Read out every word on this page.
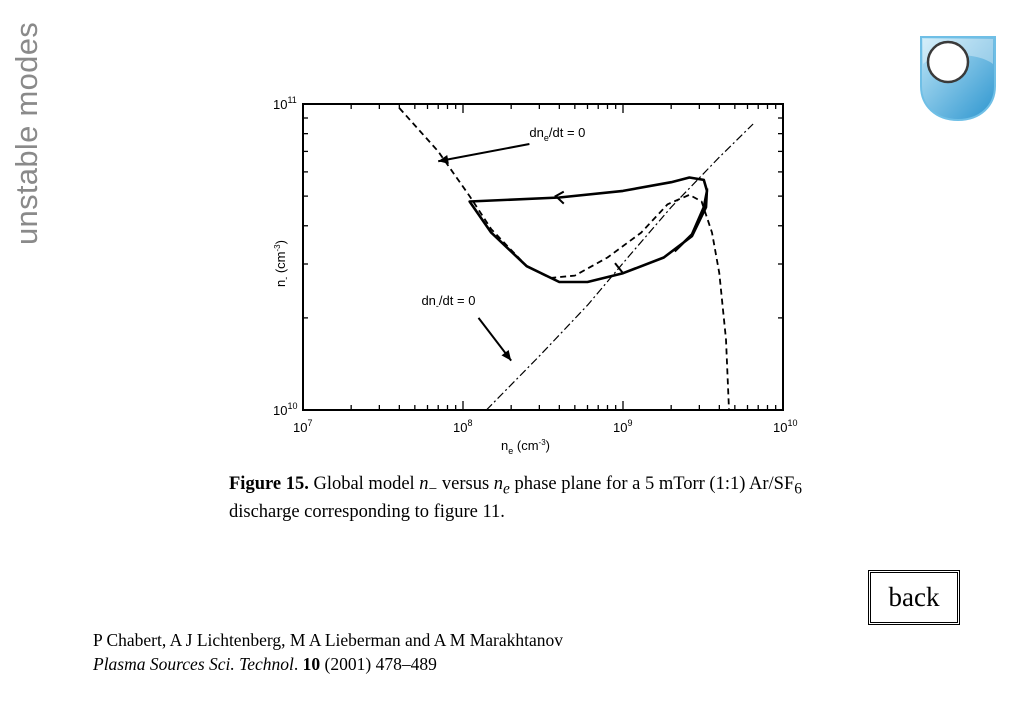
unstable modes
$10^7$	$10^8$	$10^9$	$10^{10}$
$10^{10}$
$10^{11}$
$n_e$ $(cm^{-3})$
$n_-$ $(cm^{-3})$
$dn_e/dt = 0$
$dn_-/dt = 0$
Figure 15. Global model $n_-$ versus $n_e$ phase plane for a 5 mTorr (1:1) $Ar/SF_6$ discharge corresponding to figure 11.
back
P Chabert, A J Lichtenberg, M A Lieberman and A M Marakhtanov
Plasma Sources Sci. Technol. 10 (2001) 478–489
